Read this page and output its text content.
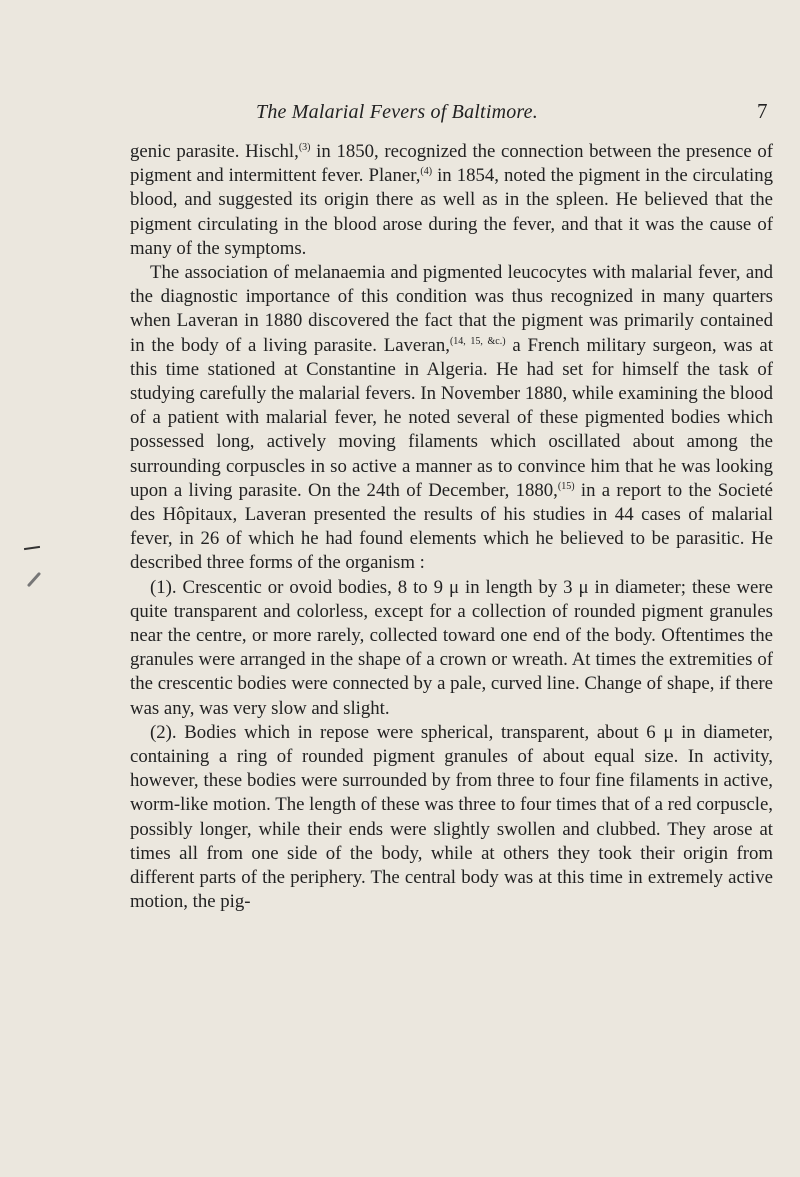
The Malarial Fevers of Baltimore.	7

genic parasite. Hischl,$^{(3)}$ in 1850, recognized the connection between the presence of pigment and intermittent fever. Planer,$^{(4)}$ in 1854, noted the pigment in the circulating blood, and suggested its origin there as well as in the spleen. He believed that the pigment circulating in the blood arose during the fever, and that it was the cause of many of the symptoms.

The association of melanaemia and pigmented leucocytes with malarial fever, and the diagnostic importance of this condition was thus recognized in many quarters when Laveran in 1880 discovered the fact that the pigment was primarily contained in the body of a living parasite. Laveran,$^{(14, 15, \&c.)}$ a French military surgeon, was at this time stationed at Constantine in Algeria. He had set for himself the task of studying carefully the malarial fevers. In November 1880, while examining the blood of a patient with malarial fever, he noted several of these pigmented bodies which possessed long, actively moving filaments which oscillated about among the surrounding corpuscles in so active a manner as to convince him that he was looking upon a living parasite. On the 24th of December, 1880,$^{(15)}$ in a report to the Societé des Hôpitaux, Laveran presented the results of his studies in 44 cases of malarial fever, in 26 of which he had found elements which he believed to be parasitic. He described three forms of the organism :

(1). Crescentic or ovoid bodies, 8 to 9 μ in length by 3 μ in diameter; these were quite transparent and colorless, except for a collection of rounded pigment granules near the centre, or more rarely, collected toward one end of the body. Oftentimes the granules were arranged in the shape of a crown or wreath. At times the extremities of the crescentic bodies were connected by a pale, curved line. Change of shape, if there was any, was very slow and slight.

(2). Bodies which in repose were spherical, transparent, about 6 μ in diameter, containing a ring of rounded pigment granules of about equal size. In activity, however, these bodies were surrounded by from three to four fine filaments in active, worm-like motion. The length of these was three to four times that of a red corpuscle, possibly longer, while their ends were slightly swollen and clubbed. They arose at times all from one side of the body, while at others they took their origin from different parts of the periphery. The central body was at this time in extremely active motion, the pig-
